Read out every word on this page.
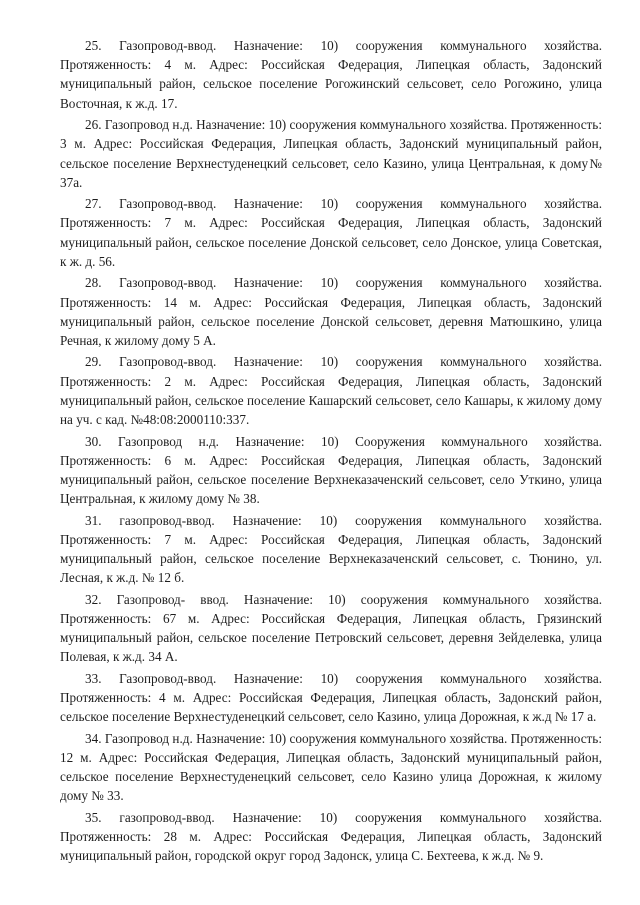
25. Газопровод-ввод. Назначение: 10) сооружения коммунального хозяйства. Протяженность: 4 м. Адрес: Российская Федерация, Липецкая область, Задонский муниципальный район, сельское поселение Рогожинский сельсовет, село Рогожино, улица Восточная, к ж.д. 17.

26. Газопровод н.д. Назначение: 10) сооружения коммунального хозяйства. Протяженность: 3 м. Адрес: Российская Федерация, Липецкая область, Задонский муниципальный район, сельское поселение Верхнестуденецкий сельсовет, село Казино, улица Центральная, к дому№ 37а.

27. Газопровод-ввод. Назначение: 10) сооружения коммунального хозяйства. Протяженность: 7 м. Адрес: Российская Федерация, Липецкая область, Задонский муниципальный район, сельское поселение Донской сельсовет, село Донское, улица Советская, к ж. д. 56.

28. Газопровод-ввод. Назначение: 10) сооружения коммунального хозяйства. Протяженность: 14 м. Адрес: Российская Федерация, Липецкая область, Задонский муниципальный район, сельское поселение Донской сельсовет, деревня Матюшкино, улица Речная, к жилому дому 5 А.

29. Газопровод-ввод. Назначение: 10) сооружения коммунального хозяйства. Протяженность: 2 м. Адрес: Российская Федерация, Липецкая область, Задонский муниципальный район, сельское поселение Кашарский сельсовет, село Кашары, к жилому дому на уч. с кад. №48:08:2000110:337.

30. Газопровод н.д. Назначение: 10) Сооружения коммунального хозяйства. Протяженность: 6 м. Адрес: Российская Федерация, Липецкая область, Задонский муниципальный район, сельское поселение Верхнеказаченский сельсовет, село Уткино, улица Центральная, к жилому дому № 38.

31. газопровод-ввод. Назначение: 10) сооружения коммунального хозяйства. Протяженность: 7 м. Адрес: Российская Федерация, Липецкая область, Задонский муниципальный район, сельское поселение Верхнеказаченский сельсовет, с. Тюнино, ул. Лесная, к ж.д. № 12 б.

32. Газопровод- ввод. Назначение: 10) сооружения коммунального хозяйства. Протяженность: 67 м. Адрес: Российская Федерация, Липецкая область, Грязинский муниципальный район, сельское поселение Петровский сельсовет, деревня Зейделевка, улица Полевая, к ж.д. 34 А.

33. Газопровод-ввод. Назначение: 10) сооружения коммунального хозяйства. Протяженность: 4 м. Адрес: Российская Федерация, Липецкая область, Задонский район, сельское поселение Верхнестуденецкий сельсовет, село Казино, улица Дорожная, к ж.д № 17 а.

34. Газопровод н.д. Назначение: 10) сооружения коммунального хозяйства. Протяженность: 12 м. Адрес: Российская Федерация, Липецкая область, Задонский муниципальный район, сельское поселение Верхнестуденецкий сельсовет, село Казино улица Дорожная, к жилому дому № 33.

35. газопровод-ввод. Назначение: 10) сооружения коммунального хозяйства. Протяженность: 28 м. Адрес: Российская Федерация, Липецкая область, Задонский муниципальный район, городской округ город Задонск, улица С. Бехтеева, к ж.д. № 9.
